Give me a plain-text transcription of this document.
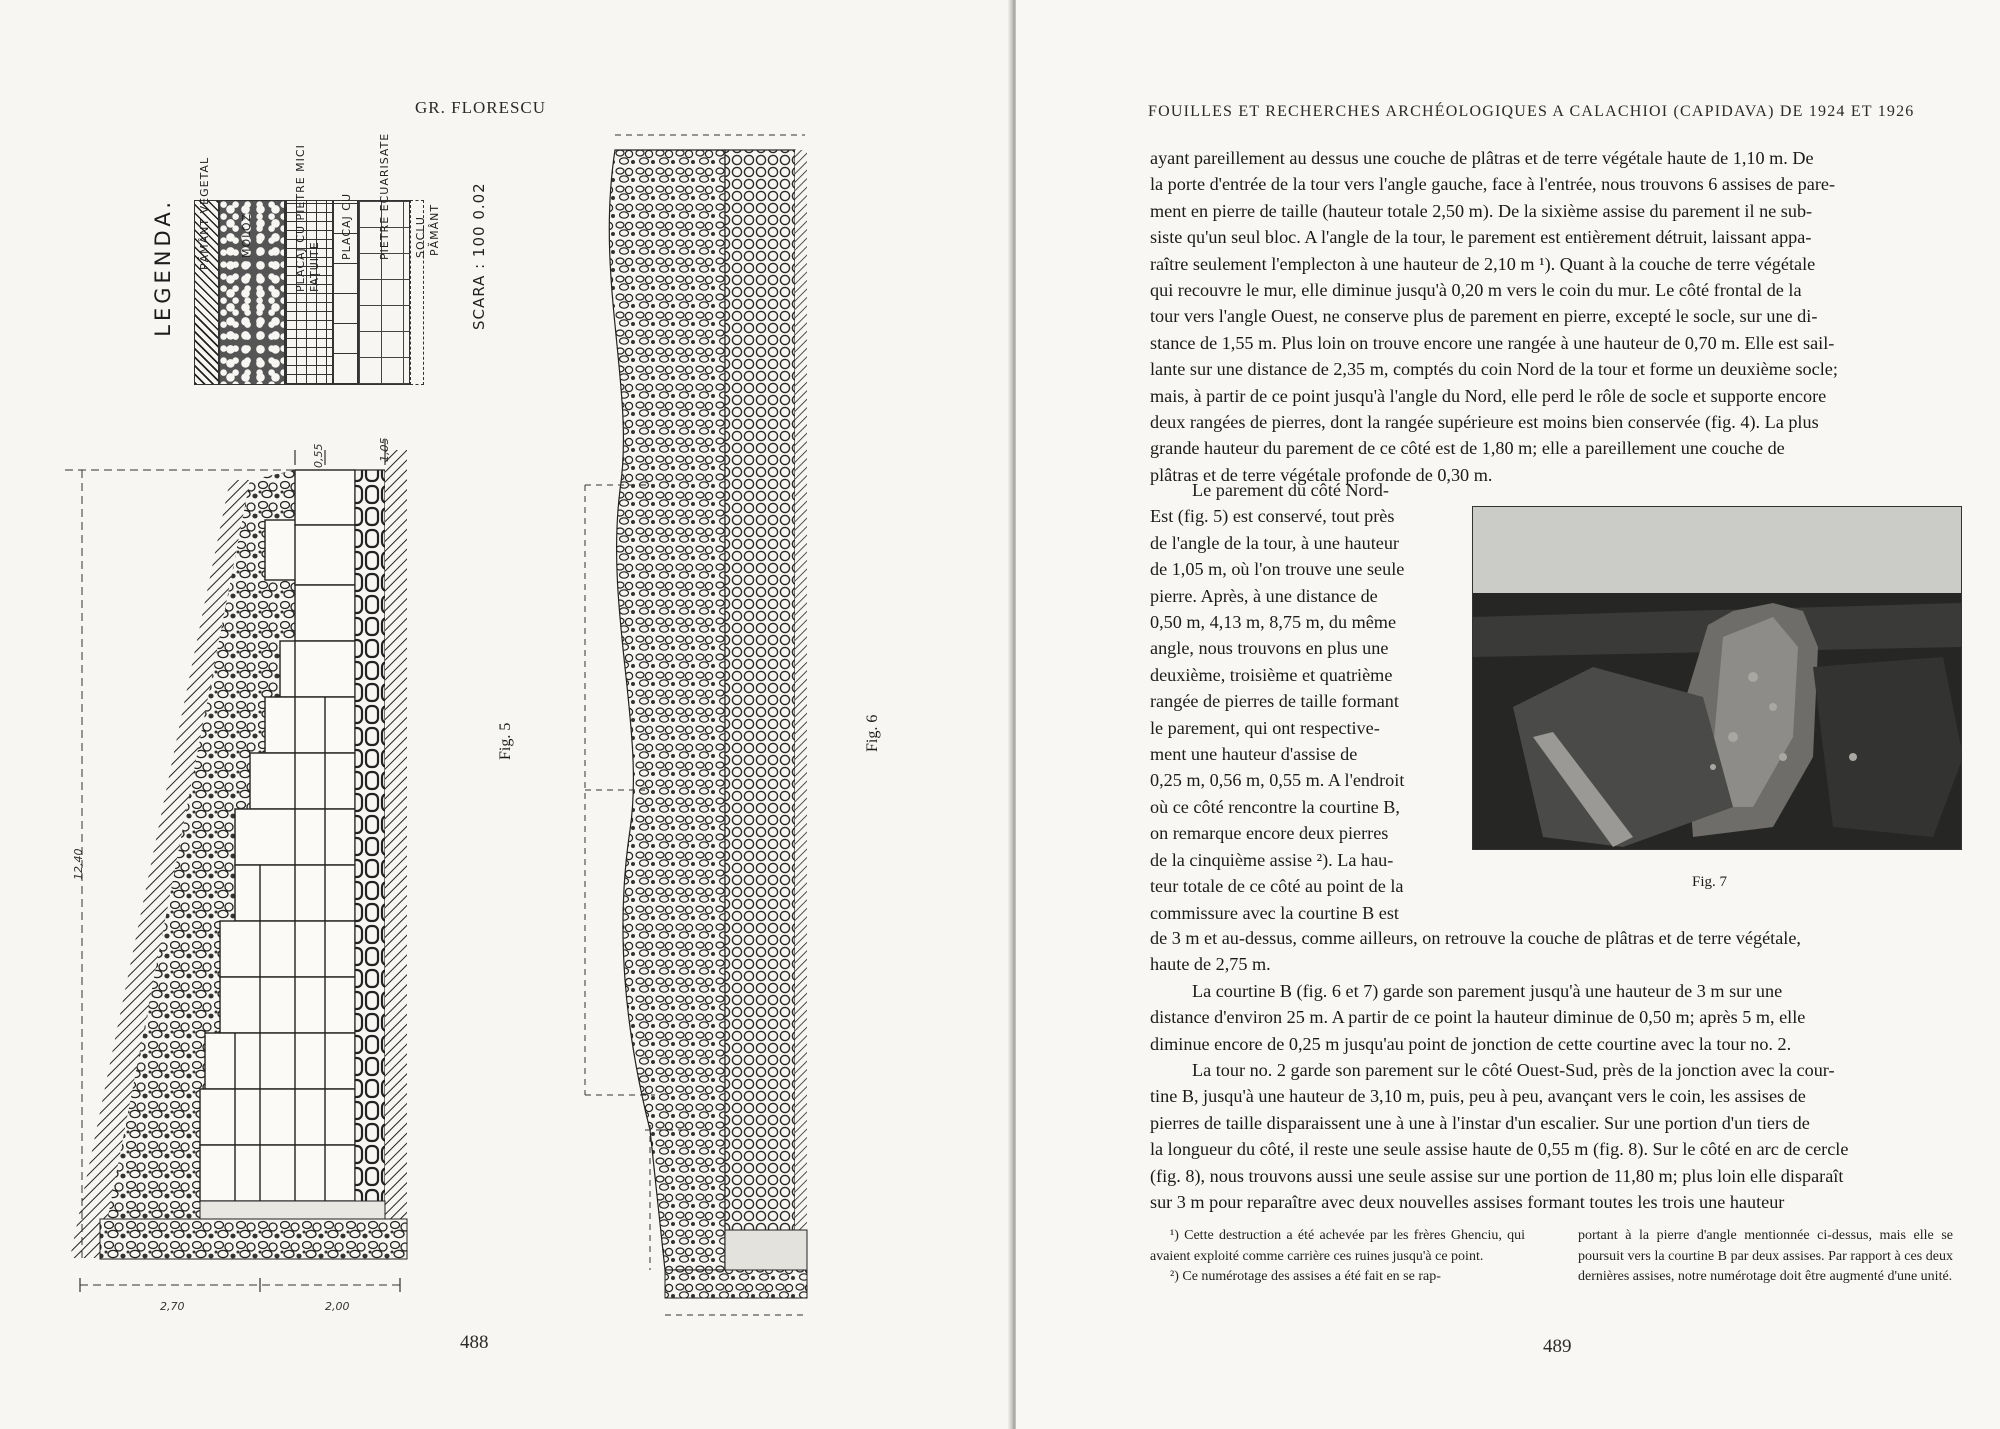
GR. FLORESCU
LEGENDA. PĂMÂNT VEGETAL	MOLOZ	PLACAJ CU PIETRE MICI FAŢUITE
PLACAJ CU PIETRE ECUARISATE SOCLU PĂMÂNT SCARA : 100 0.02
12,40
2,70	2,00
0,55	1,05
Fig. 5	Fig. 6
488
FOUILLES ET RECHERCHES ARCHÉOLOGIQUES A CALACHIOI (CAPIDAVA) DE 1924 ET 1926

ayant pareillement au dessus une couche de plâtras et de terre végétale haute de 1,10 m. De

la porte d'entrée de la tour vers l'angle gauche, face à l'entrée, nous trouvons 6 assises de pare-

ment en pierre de taille (hauteur totale 2,50 m). De la sixième assise du parement il ne sub-

siste qu'un seul bloc. A l'angle de la tour, le parement est entièrement détruit, laissant appa-

raître seulement l'emplecton à une hauteur de 2,10 m ¹). Quant à la couche de terre végétale

qui recouvre le mur, elle diminue jusqu'à 0,20 m vers le coin du mur. Le côté frontal de la

tour vers l'angle Ouest, ne conserve plus de parement en pierre, excepté le socle, sur une di-

stance de 1,55 m. Plus loin on trouve encore une rangée à une hauteur de 0,70 m. Elle est sail-

lante sur une distance de 2,35 m, comptés du coin Nord de la tour et forme un deuxième socle;

mais, à partir de ce point jusqu'à l'angle du Nord, elle perd le rôle de socle et supporte encore

deux rangées de pierres, dont la rangée supérieure est moins bien conservée (fig. 4). La plus

grande hauteur du parement de ce côté est de 1,80 m; elle a pareillement une couche de

plâtras et de terre végétale profonde de 0,30 m.

Le parement du côté Nord-

Est (fig. 5) est conservé, tout près

de l'angle de la tour, à une hauteur

de 1,05 m, où l'on trouve une seule

pierre. Après, à une distance de

0,50 m, 4,13 m, 8,75 m, du même

angle, nous trouvons en plus une

deuxième, troisième et quatrième

rangée de pierres de taille formant

le parement, qui ont respective-

ment une hauteur d'assise de

0,25 m, 0,56 m, 0,55 m. A l'endroit

où ce côté rencontre la courtine B,

on remarque encore deux pierres

de la cinquième assise ²). La hau-

teur totale de ce côté au point de la

commissure avec la courtine B est

Fig. 7

de 3 m et au-dessus, comme ailleurs, on retrouve la couche de plâtras et de terre végétale,

haute de 2,75 m.

La courtine B (fig. 6 et 7) garde son parement jusqu'à une hauteur de 3 m sur une

distance d'environ 25 m. A partir de ce point la hauteur diminue de 0,50 m; après 5 m, elle

diminue encore de 0,25 m jusqu'au point de jonction de cette courtine avec la tour no. 2.

La tour no. 2 garde son parement sur le côté Ouest-Sud, près de la jonction avec la cour-

tine B, jusqu'à une hauteur de 3,10 m, puis, peu à peu, avançant vers le coin, les assises de

pierres de taille disparaissent une à une à l'instar d'un escalier. Sur une portion d'un tiers de

la longueur du côté, il reste une seule assise haute de 0,55 m (fig. 8). Sur le côté en arc de cercle

(fig. 8), nous trouvons aussi une seule assise sur une portion de 11,80 m; plus loin elle disparaît

sur 3 m pour reparaître avec deux nouvelles assises formant toutes les trois une hauteur

¹) Cette destruction a été achevée par les frères Ghenciu, qui avaient exploité comme carrière ces ruines jusqu'à ce point.

²) Ce numérotage des assises a été fait en se rap-

portant à la pierre d'angle mentionnée ci-dessus, mais elle se poursuit vers la courtine B par deux assises. Par rapport à ces deux dernières assises, notre numérotage doit être augmenté d'une unité.

489
